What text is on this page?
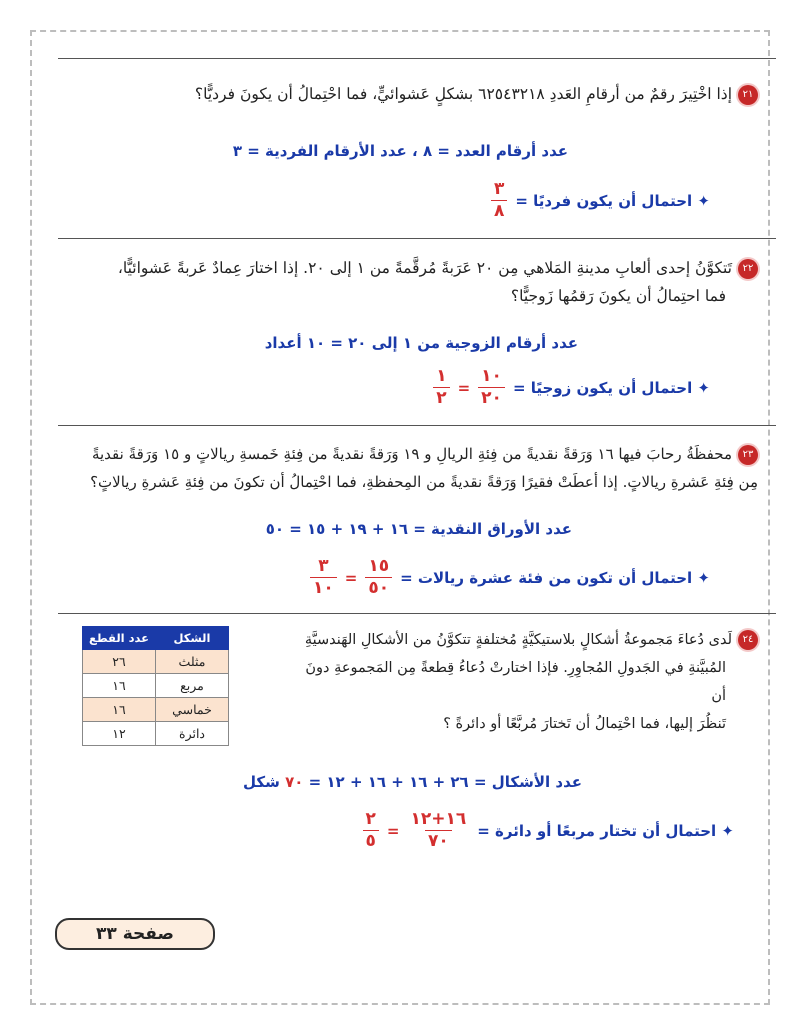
٢١إذا اخْتِيرَ رقمٌ من أرقامِ العَددِ ٦٢٥٤٣٢١٨ بشكلٍ عَشوائيٍّ، فما احْتِمالُ أن يكونَ فرديًّا؟
عدد أرقام العدد = ٨ ، عدد الأرقام الفردية = ٣
✦ احتمال أن يكون فرديًا =
$\frac{٣}{٨}$
٢٢تَتكوَّنُ إحدى ألعابِ مدينةِ المَلاهي مِن ٢٠ عَرَبةً مُرقَّمةً من ١ إلى ٢٠. إذا اختارَ عِمادٌ عَربةً عَشوائيًّا،
فما احتِمالُ أن يكونَ رَقمُها زَوجيًّا؟
عدد أرقام الزوجية من ١ إلى ٢٠ = ١٠ أعداد
✦ احتمال أن يكون زوجيًا =
$\frac{١٠}{٢٠}$
=
$\frac{١}{٢}$
٢٣محفظَةُ رحابَ فيها ١٦ وَرَقةً نقديةً من فِئةِ الريالِ و ١٩ وَرَقةً نقديةً من فِئةِ خَمسةِ ريالاتٍ و ١٥ وَرَقةً نقديةً
مِن فِئةِ عَشرةِ ريالاتٍ. إذا أعطَتْ فقيرًا وَرَقةً نقديةً من المِحفظةِ، فما احْتِمالُ أن تكونَ من فِئةِ عَشرةِ ريالاتٍ؟
عدد الأوراق النقدية = ١٦ + ١٩ + ١٥ = ٥٠
✦ احتمال أن تكون من فئة عشرة ريالات =
$\frac{١٥}{٥٠}$
=
$\frac{٣}{١٠}$
٢٤لَدى دُعاءَ مَجموعةُ أشكالٍ بلاستيكيَّةٍ مُختلفةٍ تتكوَّنُ من الأشكالِ الهَندسيَّةِ
المُبيَّنةِ في الجَدولِ المُجاوِرِ. فإذا اختارتْ دُعاءُ قِطعةً مِن المَجموعةِ دونَ أن
تَنظُرَ إليها، فما احْتِمالُ أن تَختارَ مُربَّعًا أو دائرةً ؟
الشكل	عدد القطع
مثلث	٢٦
مربع	١٦
خماسي	١٦
دائرة	١٢
عدد الأشكال = ٢٦ + ١٦ + ١٦ + ١٢ = ٧٠ شكل
✦ احتمال أن تختار مربعًا أو دائرة =
$\frac{١٦+١٢}{٧٠}$
=
$\frac{٢}{٥}$
صفحة ٣٣
